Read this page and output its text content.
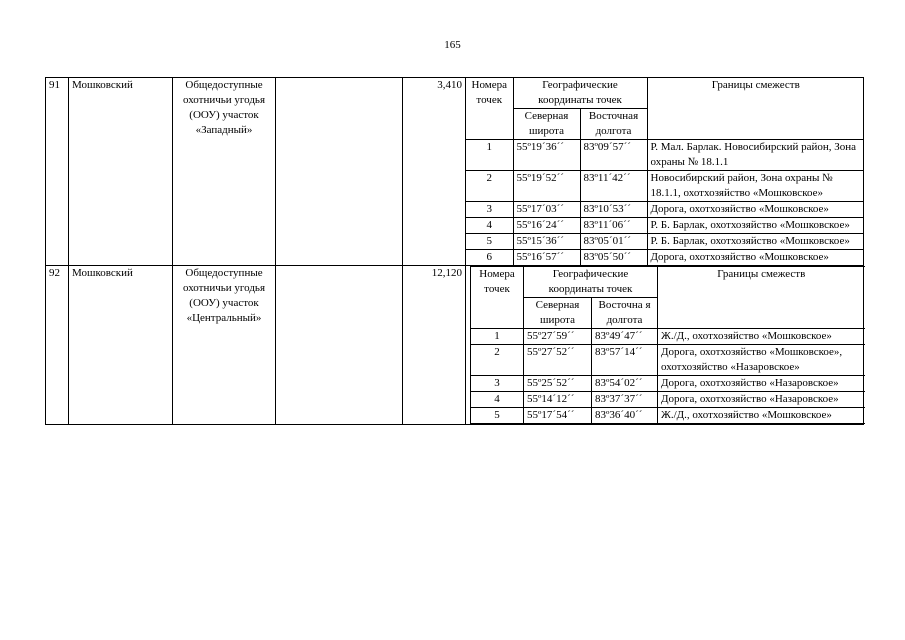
165
91	Мошковский	Общедоступные охотничьи угодья (ООУ) участок «Западный»		3,410	Номера точек	Географические координаты точек	Границы смежеств
Северная широта	Восточная долгота
1	55º19´36´´	83º09´57´´	Р. Мал. Барлак. Новосибирский район, Зона охраны № 18.1.1
2	55º19´52´´	83º11´42´´	Новосибирский район, Зона охраны № 18.1.1, охотхозяйство «Мошковское»
3	55º17´03´´	83º10´53´´	Дорога, охотхозяйство «Мошковское»
4	55º16´24´´	83º11´06´´	Р. Б. Барлак, охотхозяйство «Мошковское»
5	55º15´36´´	83º05´01´´	Р. Б. Барлак, охотхозяйство «Мошковское»
6	55º16´57´´	83º05´50´´	Дорога, охотхозяйство «Мошковское»

92	Мошковский	Общедоступные охотничьи угодья (ООУ) участок «Центральный»		12,120	Номера точек	Географические координаты точек	Границы смежеств
Северная широта	Восточна я долгота
1	55º27´59´´	83º49´47´´	Ж./Д., охотхозяйство «Мошковское»
2	55º27´52´´	83º57´14´´	Дорога, охотхозяйство «Мошковское», охотхозяйство «Назаровское»
3	55º25´52´´	83º54´02´´	Дорога, охотхозяйство «Назаровское»
4	55º14´12´´	83º37´37´´	Дорога, охотхозяйство «Назаровское»
5	55º17´54´´	83º36´40´´	Ж./Д., охотхозяйство «Мошковское»
